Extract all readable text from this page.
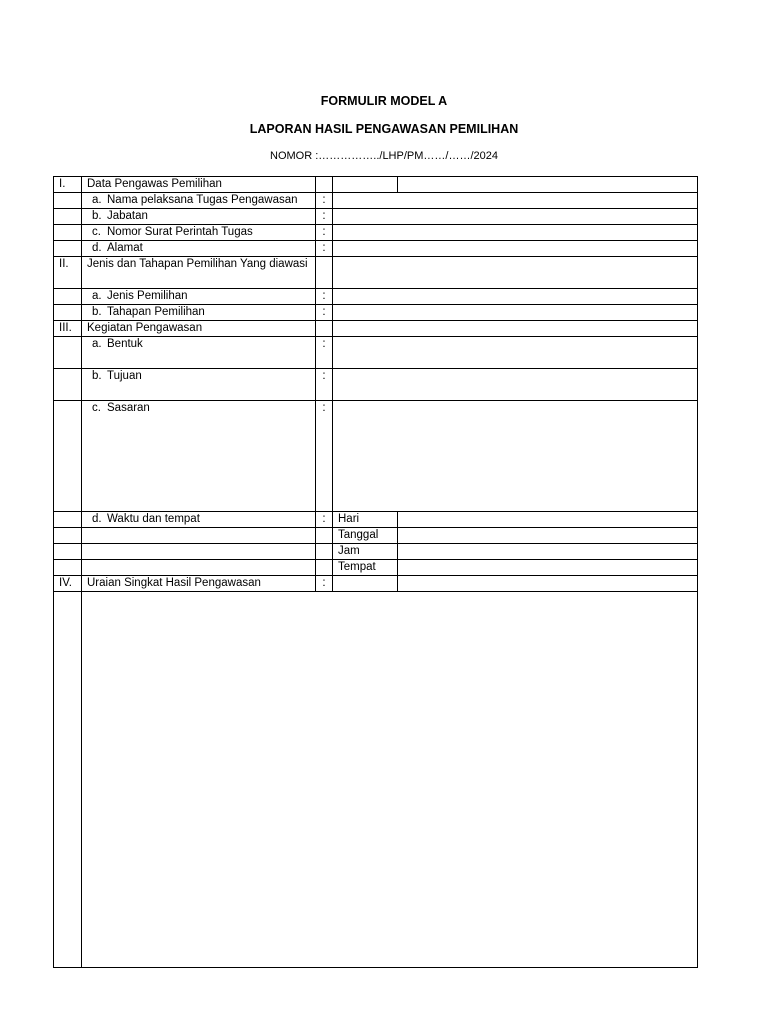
FORMULIR MODEL A
LAPORAN HASIL PENGAWASAN PEMILIHAN
NOMOR :……………../LHP/PM……/……/2024
I.	Data Pengawas Pemilihan			

	a. Nama pelaksana Tugas Pengawasan	:		

	b. Jabatan	:		

	c. Nomor Surat Perintah Tugas	:		

	d. Alamat	:		
II.	Jenis dan Tahapan Pemilihan Yang diawasi			

	a. Jenis Pemilihan	:		

	b. Tahapan Pemilihan	:		
III.	Kegiatan Pengawasan			

	a. Bentuk	:		

	b. Tujuan	:		

	c. Sasaran	:		

	d. Waktu dan tempat	:	Hari	
			Tanggal	
			Jam	
			Tempat	
IV.	Uraian Singkat Hasil Pengawasan	:		
